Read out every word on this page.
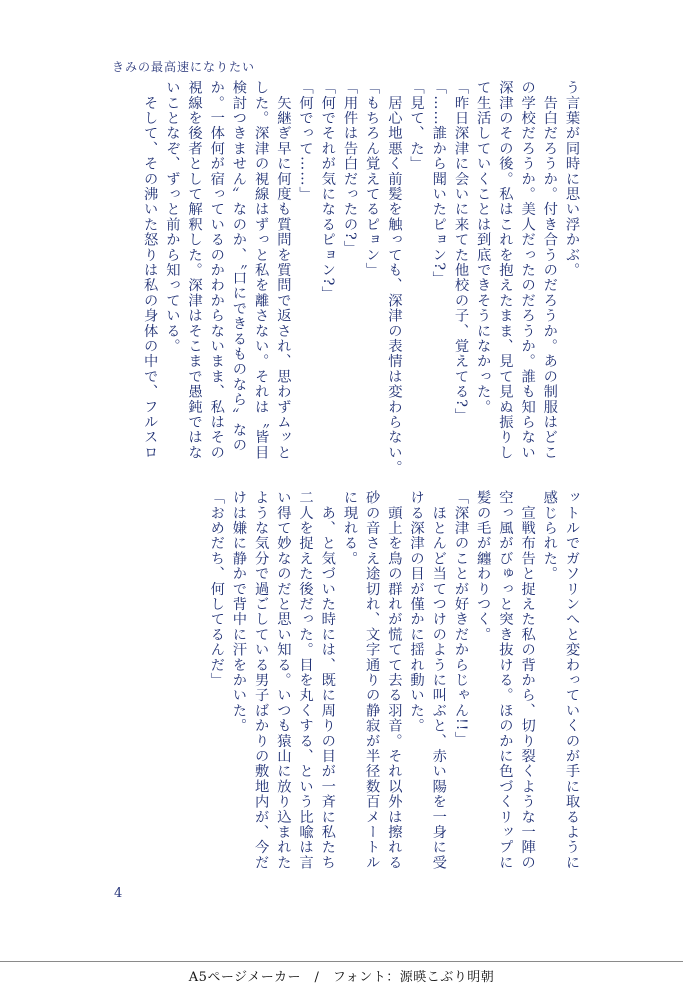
きみの最高速になりたい

う言葉が同時に思い浮かぶ。

　告白だろうか。付き合うのだろうか。あの制服はどこ

の学校だろうか。美人だったのだろうか。誰も知らない

深津のその後。私はこれを抱えたまま、見て見ぬ振りし

て生活していくことは到底できそうになかった。

「昨日深津に会いに来てた他校の子、覚えてる?」

「……誰から聞いたピョン?」

「見て、た」

　居心地悪く前髪を触っても、深津の表情は変わらない。

「もちろん覚えてるピョン」

「用件は告白だったの?」

「何でそれが気になるピョン?」

「何でって……」

　矢継ぎ早に何度も質問を質問で返され、思わずムッと

した。深津の視線はずっと私を離さない。それは〝皆目

検討つきません〟なのか、〝口にできるものなら〟なの

か。一体何が宿っているのかわからないまま、私はその

視線を後者として解釈した。深津はそこまで愚鈍ではな

いことなぞ、ずっと前から知っている。

　そして、その沸いた怒りは私の身体の中で、フルスロ

ットルでガソリンへと変わっていくのが手に取るように

感じられた。

　宣戦布告と捉えた私の背から、切り裂くような一陣の

空っ風がびゅっと突き抜ける。ほのかに色づくリップに

髪の毛が纏わりつく。

「深津のことが好きだからじゃん!!」

　ほとんど当てつけのように叫ぶと、赤い陽を一身に受

ける深津の目が僅かに揺れ動いた。

　頭上を鳥の群れが慌てて去る羽音。それ以外は擦れる

砂の音さえ途切れ、文字通りの静寂が半径数百メートル

に現れる。

　あ、と気づいた時には、既に周りの目が一斉に私たち

二人を捉えた後だった。目を丸くする、という比喩は言

い得て妙なのだと思い知る。いつも猿山に放り込まれた

ような気分で過ごしている男子ばかりの敷地内が、今だ

けは嫌に静かで背中に汗をかいた。

「おめだち、何してるんだ」

4
A5ページメーカー　/　フォント：源暎こぶり明朝
